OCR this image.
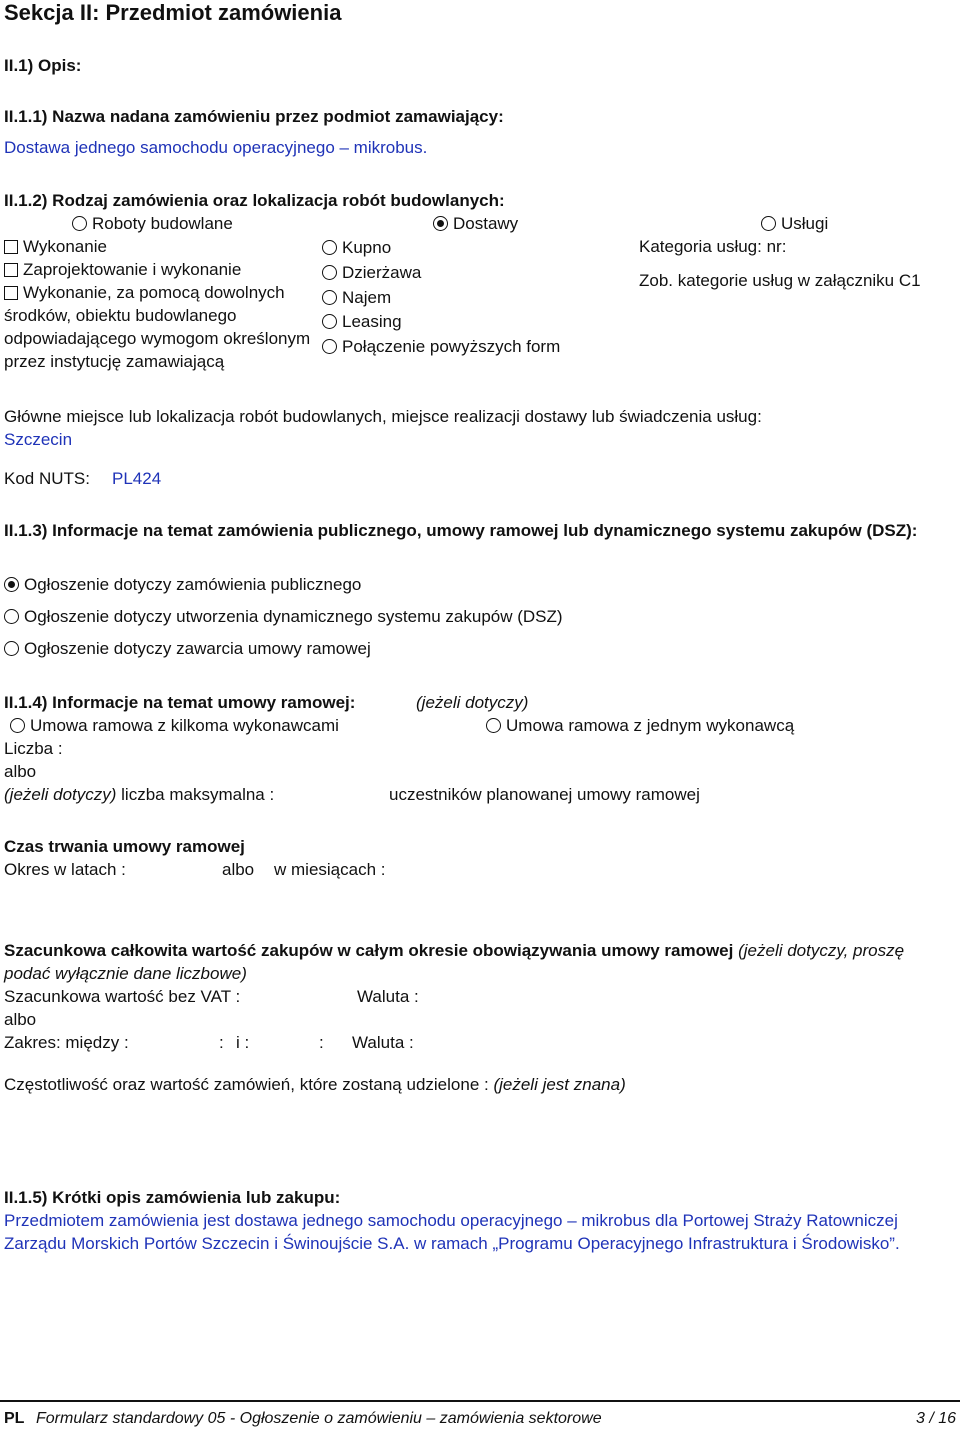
Sekcja II: Przedmiot zamówienia
II.1) Opis:
II.1.1) Nazwa nadana zamówieniu przez podmiot zamawiający:
Dostawa jednego samochodu operacyjnego – mikrobus.
II.1.2) Rodzaj zamówienia oraz lokalizacja robót budowlanych:
Roboty budowlane	Dostawy	Usługi
Wykonanie
Zaprojektowanie i wykonanie
Wykonanie, za pomocą dowolnych środków, obiektu budowlanego odpowiadającego wymogom określonym przez instytucję zamawiającą
Kupno
Dzierżawa
Najem
Leasing
Połączenie powyższych form
Kategoria usług: nr:
Zob. kategorie usług w załączniku C1
Główne miejsce lub lokalizacja robót budowlanych, miejsce realizacji dostawy lub świadczenia usług:
Szczecin
Kod NUTS: PL424
II.1.3) Informacje na temat zamówienia publicznego, umowy ramowej lub dynamicznego systemu zakupów (DSZ):
Ogłoszenie dotyczy zamówienia publicznego
Ogłoszenie dotyczy utworzenia dynamicznego systemu zakupów (DSZ)
Ogłoszenie dotyczy zawarcia umowy ramowej
II.1.4) Informacje na temat umowy ramowej:	(jeżeli dotyczy)
Umowa ramowa z kilkoma wykonawcami	Umowa ramowa z jednym wykonawcą
Liczba :
albo
(jeżeli dotyczy) liczba maksymalna :	uczestników planowanej umowy ramowej
Czas trwania umowy ramowej
Okres w latach :	albo w miesiącach :
Szacunkowa całkowita wartość zakupów w całym okresie obowiązywania umowy ramowej (jeżeli dotyczy, proszę podać wyłącznie dane liczbowe)
Szacunkowa wartość bez VAT :	Waluta :
albo
Zakres: między :	: i :	: Waluta :
Częstotliwość oraz wartość zamówień, które zostaną udzielone : (jeżeli jest znana)
II.1.5) Krótki opis zamówienia lub zakupu:
Przedmiotem zamówienia jest dostawa jednego samochodu operacyjnego – mikrobus dla Portowej Straży Ratowniczej Zarządu Morskich Portów Szczecin i Świnoujście S.A. w ramach „Programu Operacyjnego Infrastruktura i Środowisko”.
PL Formularz standardowy 05 - Ogłoszenie o zamówieniu – zamówienia sektorowe	3 / 16
